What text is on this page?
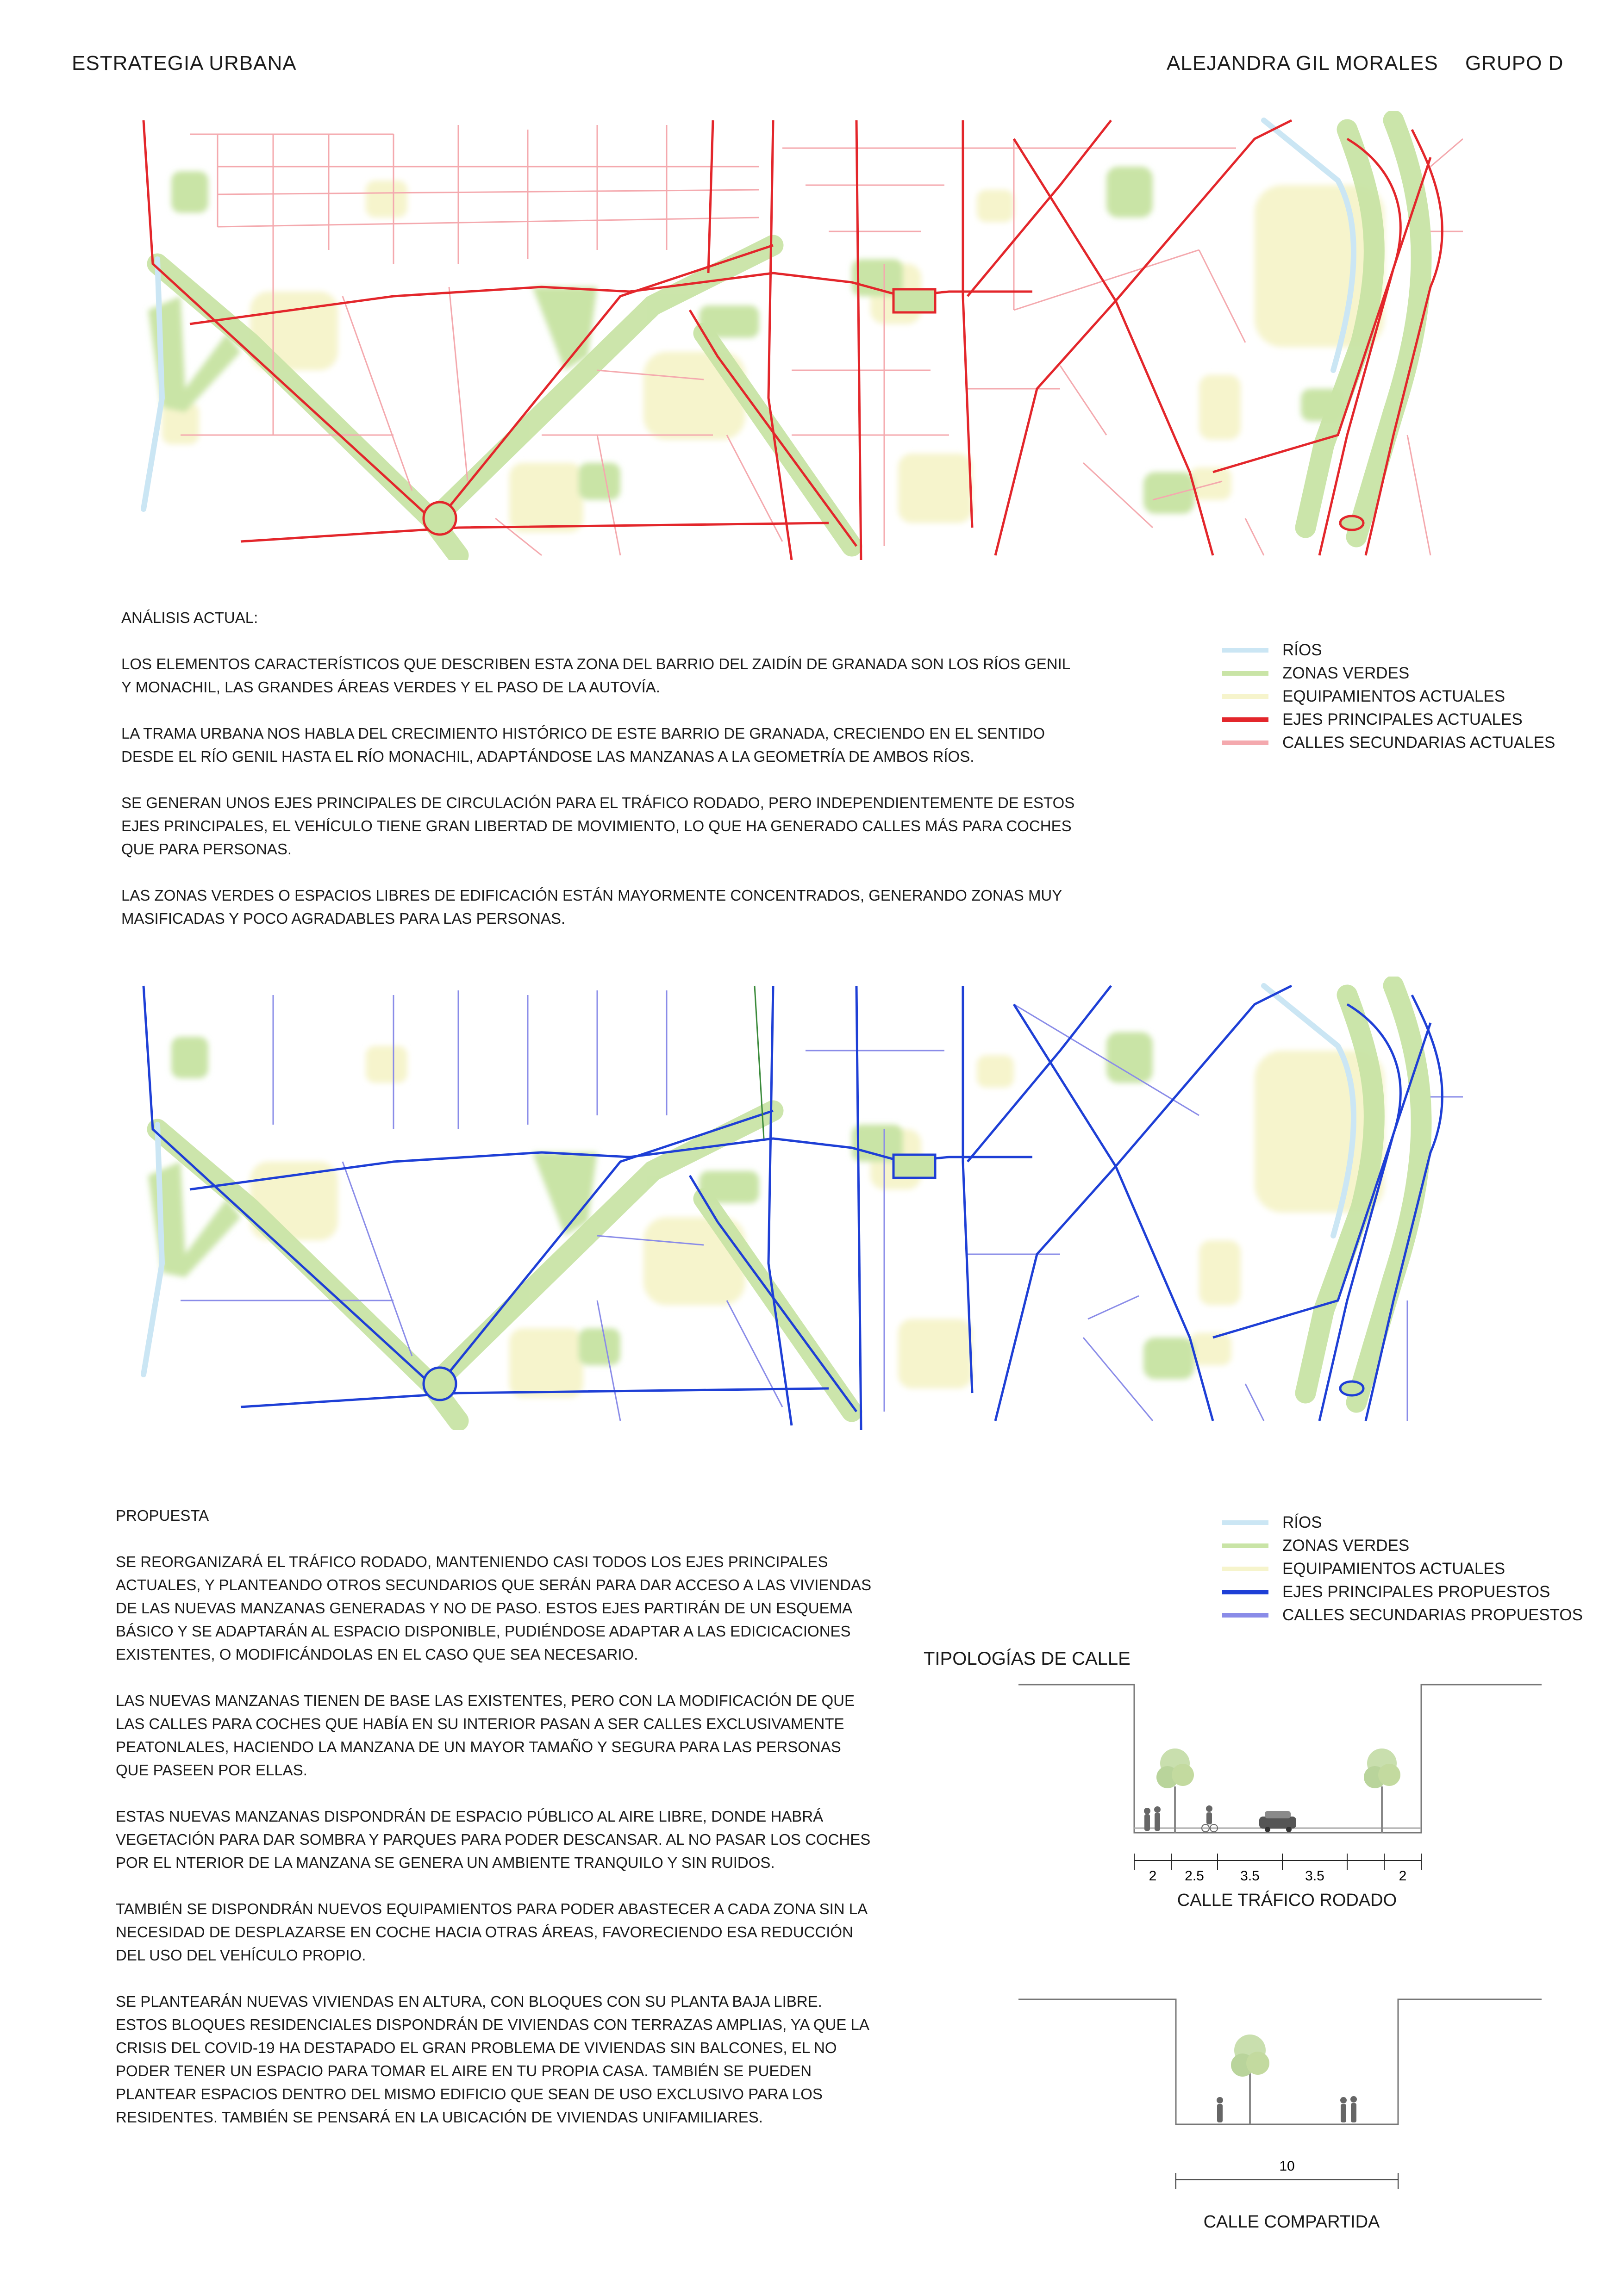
ESTRATEGIA URBANA	ALEJANDRA GIL MORALES GRUPO D

ANÁLISIS ACTUAL:

LOS ELEMENTOS CARACTERÍSTICOS QUE DESCRIBEN ESTA ZONA DEL BARRIO DEL ZAIDÍN DE GRANADA SON LOS RÍOS GENIL Y MONACHIL, LAS GRANDES ÁREAS VERDES Y EL PASO DE LA AUTOVÍA.

LA TRAMA URBANA NOS HABLA DEL CRECIMIENTO HISTÓRICO DE ESTE BARRIO DE GRANADA, CRECIENDO EN EL SENTIDO DESDE EL RÍO GENIL HASTA EL RÍO MONACHIL, ADAPTÁNDOSE LAS MANZANAS A LA GEOMETRÍA DE AMBOS RÍOS.

SE GENERAN UNOS EJES PRINCIPALES DE CIRCULACIÓN PARA EL TRÁFICO RODADO, PERO INDEPENDIENTEMENTE DE ESTOS EJES PRINCIPALES, EL VEHÍCULO TIENE GRAN LIBERTAD DE MOVIMIENTO, LO QUE HA GENERADO CALLES MÁS PARA COCHES QUE PARA PERSONAS.

LAS ZONAS VERDES O ESPACIOS LIBRES DE EDIFICACIÓN ESTÁN MAYORMENTE CONCENTRADOS, GENERANDO ZONAS MUY MASIFICADAS Y POCO AGRADABLES PARA LAS PERSONAS.

RÍOS
ZONAS VERDES
EQUIPAMIENTOS ACTUALES
EJES PRINCIPALES ACTUALES
CALLES SECUNDARIAS ACTUALES

PROPUESTA

SE REORGANIZARÁ EL TRÁFICO RODADO, MANTENIENDO CASI TODOS LOS EJES PRINCIPALES ACTUALES, Y PLANTEANDO OTROS SECUNDARIOS QUE SERÁN PARA DAR ACCESO A LAS VIVIENDAS DE LAS NUEVAS MANZANAS GENERADAS Y NO DE PASO. ESTOS EJES PARTIRÁN DE UN ESQUEMA BÁSICO Y SE ADAPTARÁN AL ESPACIO DISPONIBLE, PUDIÉNDOSE ADAPTAR A LAS EDICICACIONES EXISTENTES, O MODIFICÁNDOLAS EN EL CASO QUE SEA NECESARIO.

LAS NUEVAS MANZANAS TIENEN DE BASE LAS EXISTENTES, PERO CON LA MODIFICACIÓN DE QUE LAS CALLES PARA COCHES QUE HABÍA EN SU INTERIOR PASAN A SER CALLES EXCLUSIVAMENTE PEATONLALES, HACIENDO LA MANZANA DE UN MAYOR TAMAÑO Y SEGURA PARA LAS PERSONAS QUE PASEEN POR ELLAS.

ESTAS NUEVAS MANZANAS DISPONDRÁN DE ESPACIO PÚBLICO AL AIRE LIBRE, DONDE HABRÁ VEGETACIÓN PARA DAR SOMBRA Y PARQUES PARA PODER DESCANSAR. AL NO PASAR LOS COCHES POR EL NTERIOR DE LA MANZANA SE GENERA UN AMBIENTE TRANQUILO Y SIN RUIDOS.

TAMBIÉN SE DISPONDRÁN NUEVOS EQUIPAMIENTOS PARA PODER ABASTECER A CADA ZONA SIN LA NECESIDAD DE DESPLAZARSE EN COCHE HACIA OTRAS ÁREAS, FAVORECIENDO ESA REDUCCIÓN DEL USO DEL VEHÍCULO PROPIO.

SE PLANTEARÁN NUEVAS VIVIENDAS EN ALTURA, CON BLOQUES CON SU PLANTA BAJA LIBRE. ESTOS BLOQUES RESIDENCIALES DISPONDRÁN DE VIVIENDAS CON TERRAZAS AMPLIAS, YA QUE LA CRISIS DEL COVID-19 HA DESTAPADO EL GRAN PROBLEMA DE VIVIENDAS SIN BALCONES, EL NO PODER TENER UN ESPACIO PARA TOMAR EL AIRE EN TU PROPIA CASA. TAMBIÉN SE PUEDEN PLANTEAR ESPACIOS DENTRO DEL MISMO EDIFICIO QUE SEAN DE USO EXCLUSIVO PARA LOS RESIDENTES. TAMBIÉN SE PENSARÁ EN LA UBICACIÓN DE VIVIENDAS UNIFAMILIARES.

RÍOS
ZONAS VERDES
EQUIPAMIENTOS ACTUALES
EJES PRINCIPALES PROPUESTOS
CALLES SECUNDARIAS PROPUESTOS
TIPOLOGÍAS DE CALLE
2 2.5	3.5	3.5	2
CALLE TRÁFICO RODADO
10
CALLE COMPARTIDA
